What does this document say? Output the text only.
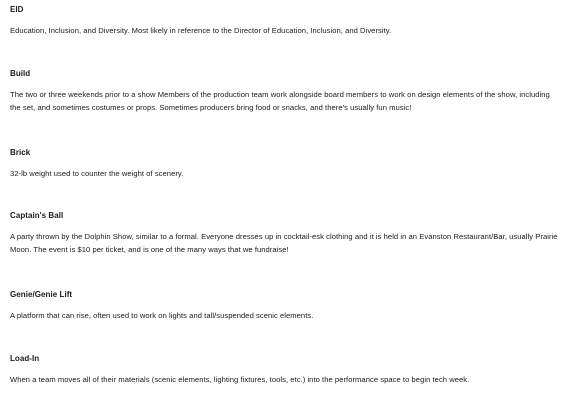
EID

Education, Inclusion, and Diversity. Most likely in reference to the Director of Education, Inclusion, and Diversity.

Build

The two or three weekends prior to a show Members of the production team work alongside board members to work on design elements of the show, including the set, and sometimes costumes or props. Sometimes producers bring food or snacks, and there's usually fun music!

Brick

32-lb weight used to counter the weight of scenery.

Captain's Ball

A party thrown by the Dolphin Show, similar to a formal. Everyone dresses up in cocktail-esk clothing and it is held in an Evanston Restaurant/Bar, usually Prairie Moon. The event is $10 per ticket, and is one of the many ways that we fundraise!

Genie/Genie Lift

A platform that can rise, often used to work on lights and tall/suspended scenic elements.

Load-In

When a team moves all of their materials (scenic elements, lighting fixtures, tools, etc.) into the performance space to begin tech week.
